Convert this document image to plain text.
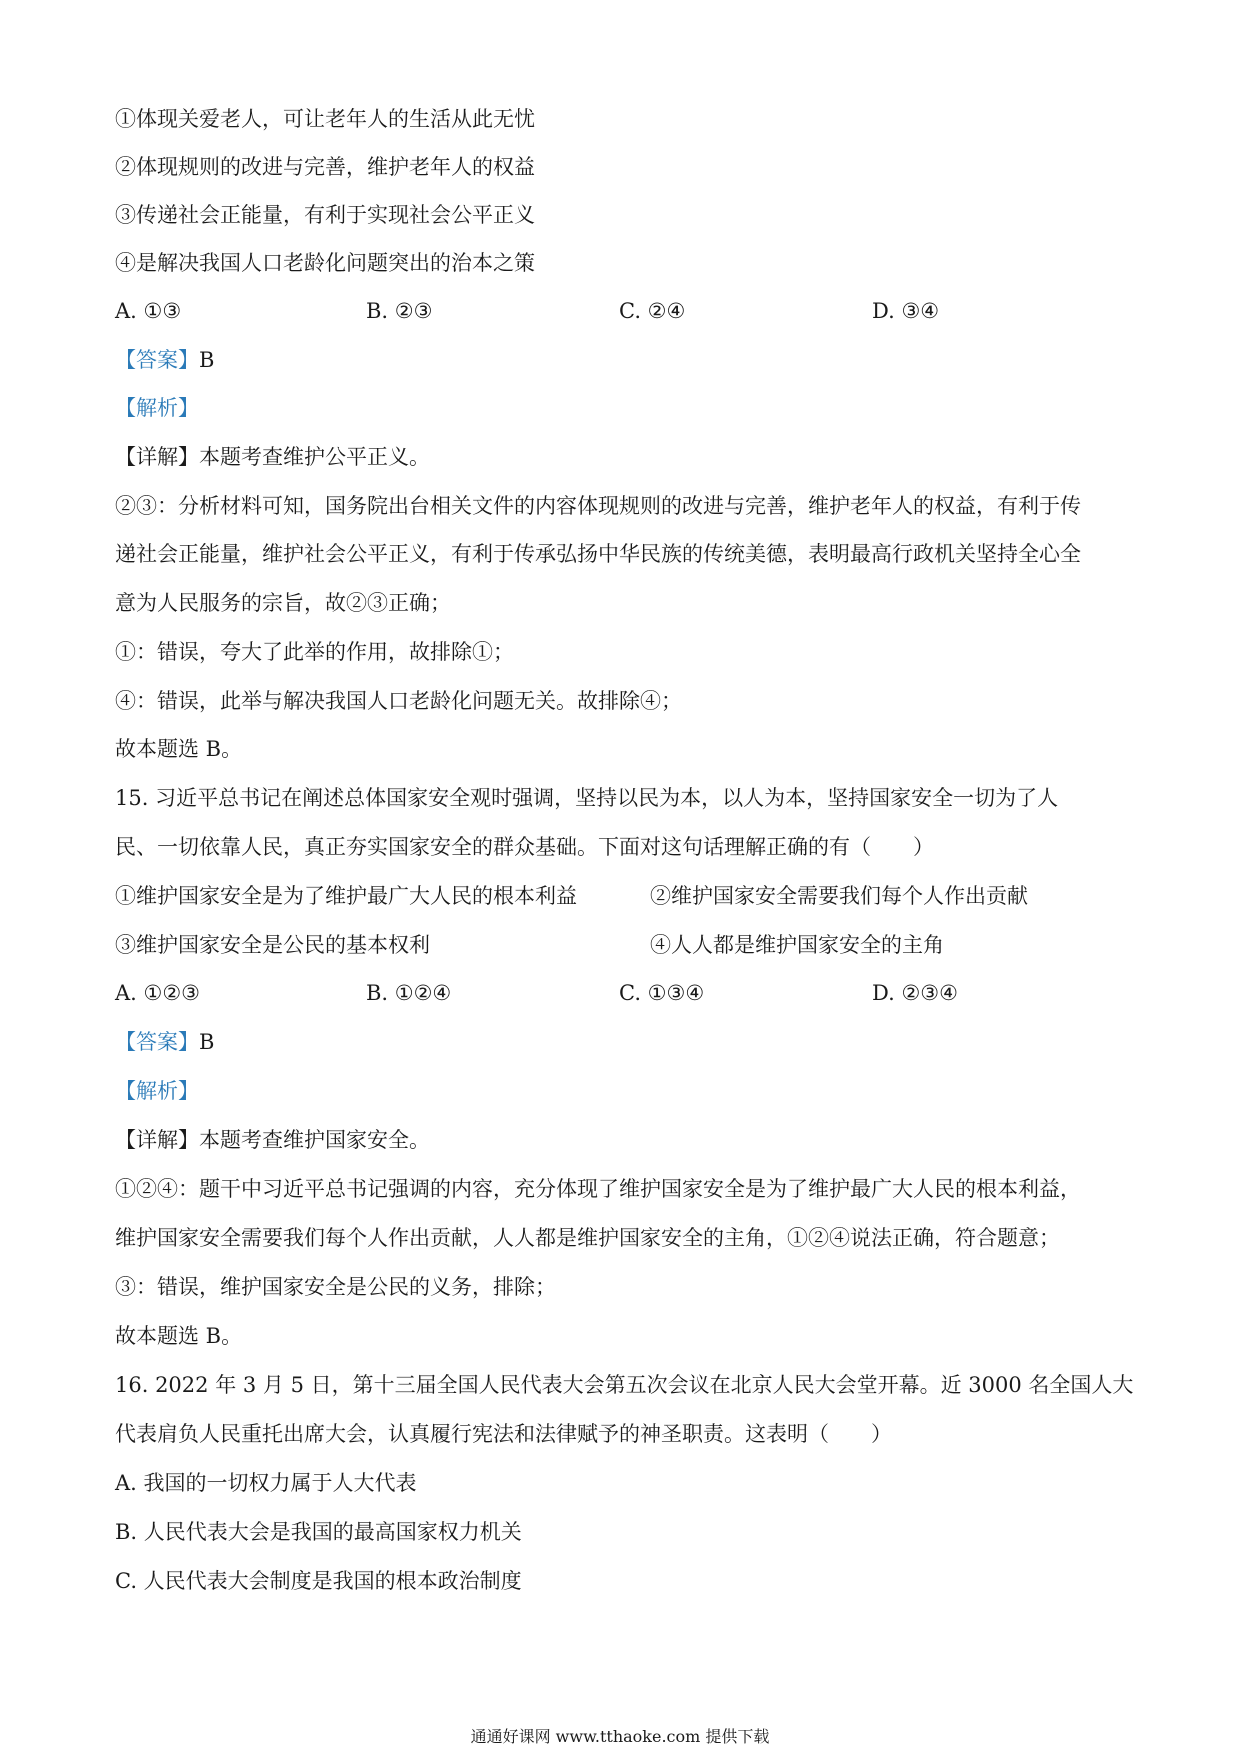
①体现关爱老人，可让老年人的生活从此无忧
②体现规则的改进与完善，维护老年人的权益
③传递社会正能量，有利于实现社会公平正义
④是解决我国人口老龄化问题突出的治本之策
A. ①③	B. ②③	C. ②④	D. ③④
【答案】B
【解析】
【详解】本题考查维护公平正义。
②③：分析材料可知，国务院出台相关文件的内容体现规则的改进与完善，维护老年人的权益，有利于传
递社会正能量，维护社会公平正义，有利于传承弘扬中华民族的传统美德，表明最高行政机关坚持全心全
意为人民服务的宗旨，故②③正确；
①：错误，夸大了此举的作用，故排除①；
④：错误，此举与解决我国人口老龄化问题无关。故排除④；
故本题选 B。
15. 习近平总书记在阐述总体国家安全观时强调，坚持以民为本，以人为本，坚持国家安全一切为了人
民、一切依靠人民，真正夯实国家安全的群众基础。下面对这句话理解正确的有（　　）
①维护国家安全是为了维护最广大人民的根本利益	②维护国家安全需要我们每个人作出贡献
③维护国家安全是公民的基本权利	④人人都是维护国家安全的主角
A. ①②③	B. ①②④	C. ①③④	D. ②③④
【答案】B
【解析】
【详解】本题考查维护国家安全。
①②④：题干中习近平总书记强调的内容，充分体现了维护国家安全是为了维护最广大人民的根本利益，
维护国家安全需要我们每个人作出贡献，人人都是维护国家安全的主角，①②④说法正确，符合题意；
③：错误，维护国家安全是公民的义务，排除；
故本题选 B。
16. 2022 年 3 月 5 日，第十三届全国人民代表大会第五次会议在北京人民大会堂开幕。近 3000 名全国人大
代表肩负人民重托出席大会，认真履行宪法和法律赋予的神圣职责。这表明（　　）
A. 我国的一切权力属于人大代表
B. 人民代表大会是我国的最高国家权力机关
C. 人民代表大会制度是我国的根本政治制度
通通好课网 www.tthaoke.com 提供下载
